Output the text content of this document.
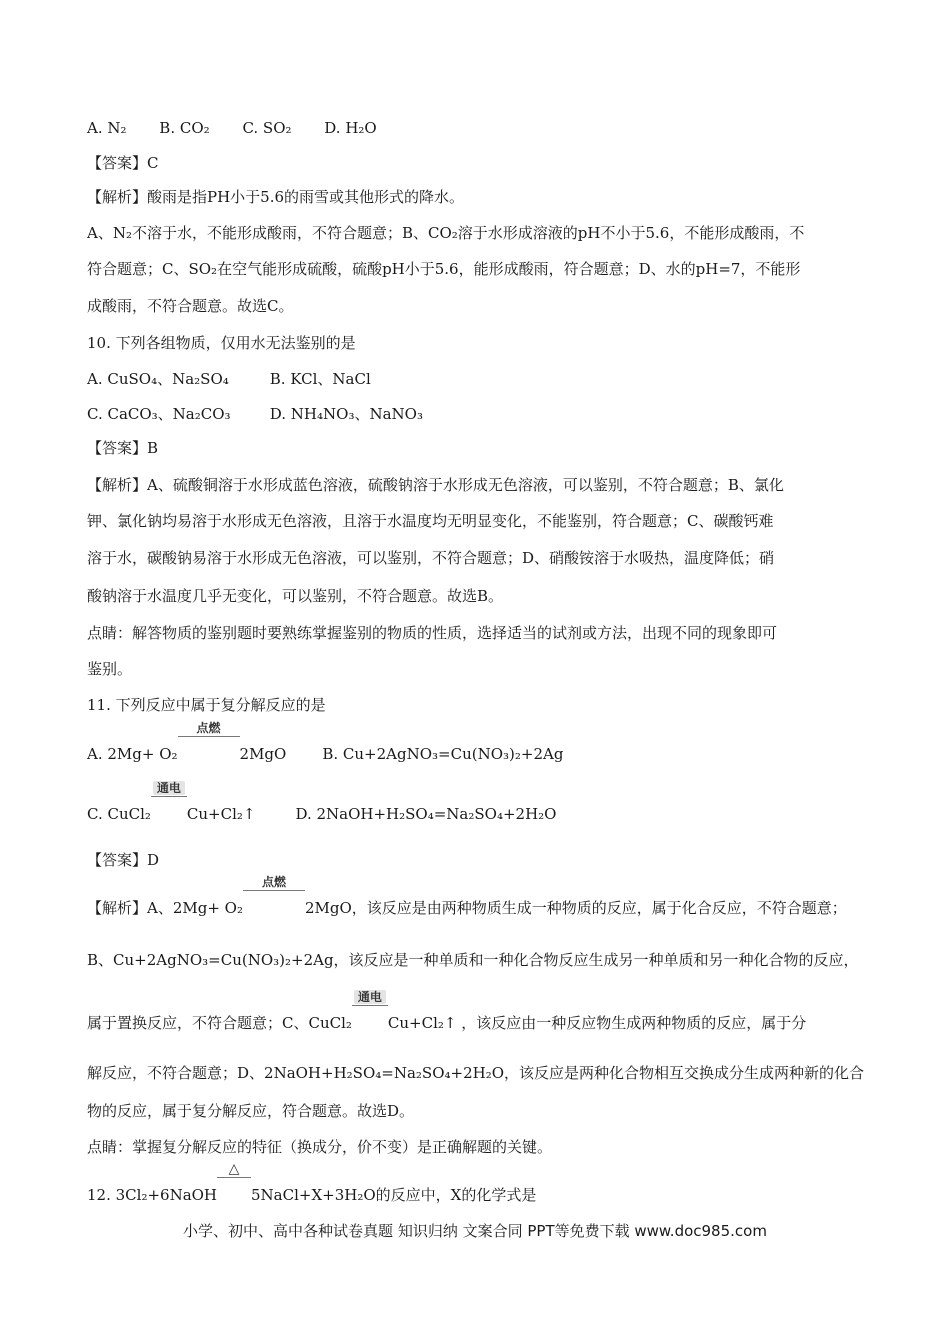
A. N₂ B. CO₂ C. SO₂ D. H₂O
【答案】C
【解析】酸雨是指PH小于5.6的雨雪或其他形式的降水。
A、N₂不溶于水，不能形成酸雨，不符合题意；B、CO₂溶于水形成溶液的pH不小于5.6，不能形成酸雨，不
符合题意；C、SO₂在空气能形成硫酸，硫酸pH小于5.6，能形成酸雨，符合题意；D、水的pH=7，不能形
成酸雨，不符合题意。故选C。
10. 下列各组物质，仅用水无法鉴别的是
A. CuSO₄、Na₂SO₄	B. KCl、NaCl
C. CaCO₃、Na₂CO₃	D. NH₄NO₃、NaNO₃
【答案】B
【解析】A、硫酸铜溶于水形成蓝色溶液，硫酸钠溶于水形成无色溶液，可以鉴别，不符合题意；B、氯化
钾、氯化钠均易溶于水形成无色溶液，且溶于水温度均无明显变化，不能鉴别，符合题意；C、碳酸钙难
溶于水，碳酸钠易溶于水形成无色溶液，可以鉴别，不符合题意；D、硝酸铵溶于水吸热，温度降低；硝
酸钠溶于水温度几乎无变化，可以鉴别，不符合题意。故选B。
点睛：解答物质的鉴别题时要熟练掌握鉴别的物质的性质，选择适当的试剂或方法，出现不同的现象即可
鉴别。
11. 下列反应中属于复分解反应的是
A. 2Mg+ O₂
点燃
2MgO B. Cu+2AgNO₃=Cu(NO₃)₂+2Ag
C. CuCl₂
通电
Cu+Cl₂↑	D. 2NaOH+H₂SO₄=Na₂SO₄+2H₂O
【答案】D
【解析】A、2Mg+ O₂
点燃
2MgO，该反应是由两种物质生成一种物质的反应，属于化合反应，不符合题意；
B、Cu+2AgNO₃=Cu(NO₃)₂+2Ag，该反应是一种单质和一种化合物反应生成另一种单质和另一种化合物的反应，
属于置换反应，不符合题意；C、CuCl₂
通电
Cu+Cl₂↑ ，该反应由一种反应物生成两种物质的反应，属于分
解反应，不符合题意；D、2NaOH+H₂SO₄=Na₂SO₄+2H₂O，该反应是两种化合物相互交换成分生成两种新的化合
物的反应，属于复分解反应，符合题意。故选D。
点睛：掌握复分解反应的特征（换成分，价不变）是正确解题的关键。
12. 3Cl₂+6NaOH
△
5NaCl+X+3H₂O的反应中，X的化学式是
小学、初中、高中各种试卷真题 知识归纳 文案合同 PPT等免费下载 www.doc985.com
